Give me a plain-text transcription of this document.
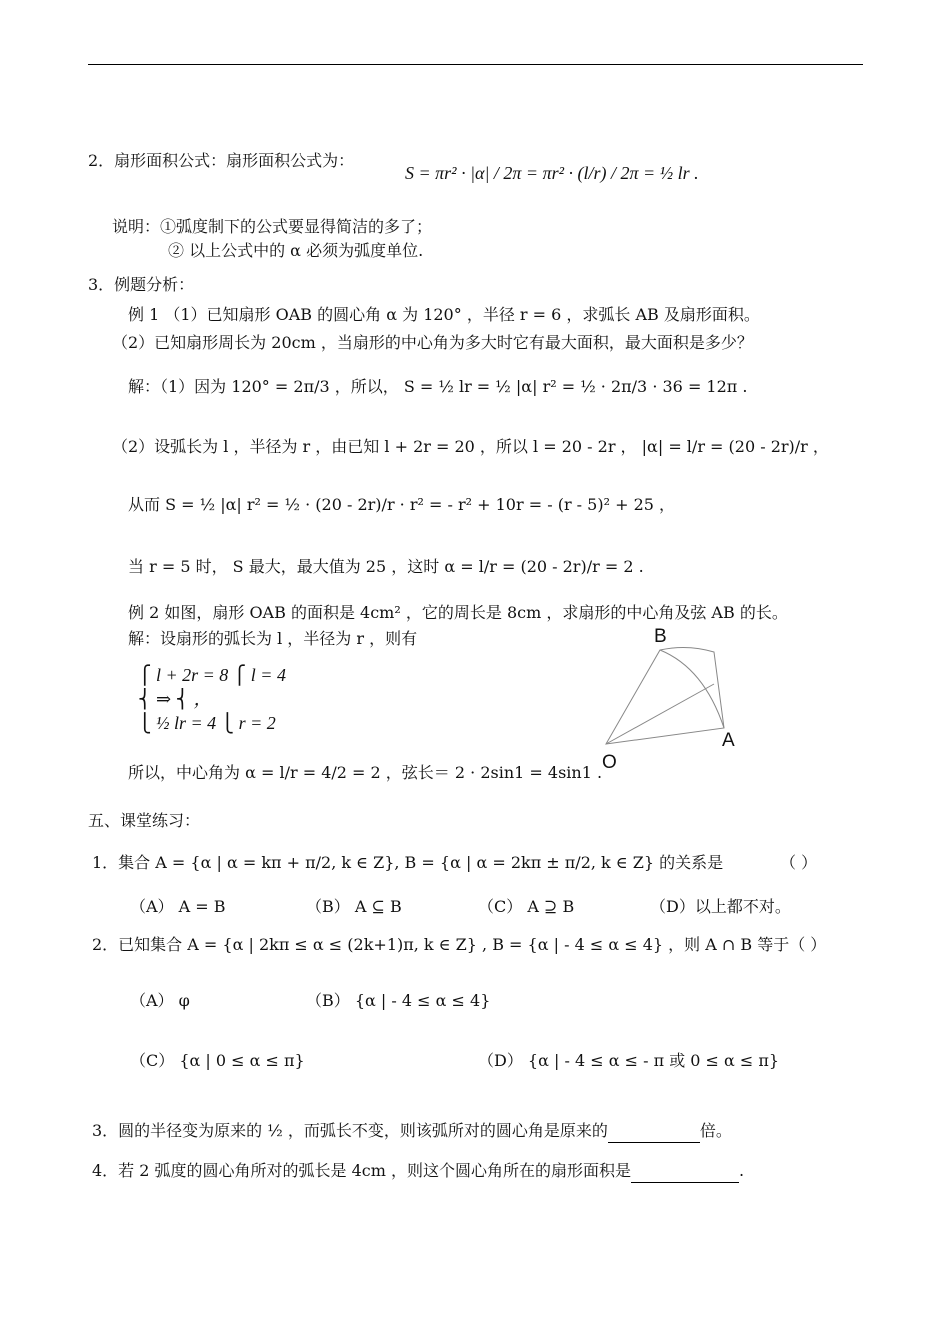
2．扇形面积公式：扇形面积公式为：
S = πr² · |α| / 2π = πr² · (l/r) / 2π = ½ lr .
说明：①弧度制下的公式要显得简洁的多了；
② 以上公式中的 α 必须为弧度单位.
3．例题分析：
例 1 （1）已知扇形 OAB 的圆心角 α 为 120° ，半径 r = 6 ，求弧长 AB 及扇形面积。
（2）已知扇形周长为 20cm ，当扇形的中心角为多大时它有最大面积，最大面积是多少？
解：（1）因为 120° = 2π/3 ，所以， S = ½ lr = ½ |α| r² = ½ · 2π/3 · 36 = 12π .
（2）设弧长为 l ，半径为 r ，由已知 l + 2r = 20 ，所以 l = 20 - 2r ， |α| = l/r = (20 - 2r)/r ，
从而 S = ½ |α| r² = ½ · (20 - 2r)/r · r² = - r² + 10r = - (r - 5)² + 25 ，
当 r = 5 时， S 最大，最大值为 25 ，这时 α = l/r = (20 - 2r)/r = 2 .
例 2 如图，扇形 OAB 的面积是 4cm² ，它的周长是 8cm ，求扇形的中心角及弦 AB 的长。
解：设扇形的弧长为 l ，半径为 r ，则有
⎧ l + 2r = 8 ⎧ l = 4
⎨ ⇒ ⎨ ，
⎩ ½ lr = 4 ⎩ r = 2
所以，中心角为 α = l/r = 4/2 = 2 ，弦长＝ 2 · 2sin1 = 4sin1 .
B
A
O
五、课堂练习：
1．集合 A = {α | α = kπ + π/2, k ∈ Z}, B = {α | α = 2kπ ± π/2, k ∈ Z} 的关系是	（ ）
（A） A = B	（B） A ⊆ B	（C） A ⊇ B	（D）以上都不对。
2．已知集合 A = {α | 2kπ ≤ α ≤ (2k+1)π, k ∈ Z} , B = {α | - 4 ≤ α ≤ 4} ，则 A ∩ B 等于（ ）
（A） φ	（B） {α | - 4 ≤ α ≤ 4}
（C） {α | 0 ≤ α ≤ π}	（D） {α | - 4 ≤ α ≤ - π 或 0 ≤ α ≤ π}
3．圆的半径变为原来的 ½ ，而弧长不变，则该弧所对的圆心角是原来的	倍。
4．若 2 弧度的圆心角所对的弧长是 4cm ，则这个圆心角所在的扇形面积是	.
